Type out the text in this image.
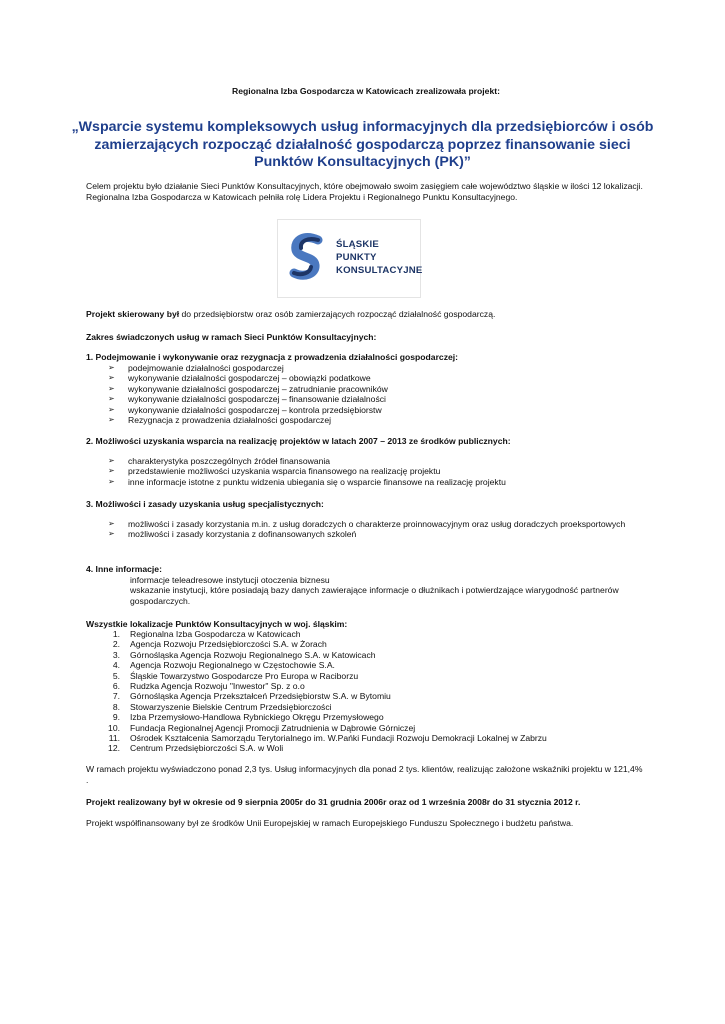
Regionalna Izba Gospodarcza w Katowicach zrealizowała projekt:

„Wsparcie systemu kompleksowych usług informacyjnych dla przedsiębiorców i osób zamierzających rozpocząć działalność gospodarczą poprzez finansowanie sieci Punktów Konsultacyjnych (PK)”

Celem projektu było działanie Sieci Punktów Konsultacyjnych, które obejmowało swoim zasięgiem całe województwo śląskie w ilości 12 lokalizacji. Regionalna Izba Gospodarcza w Katowicach pełniła rolę Lidera Projektu i Regionalnego Punktu Konsultacyjnego.

ŚLĄSKIE
PUNKTY
KONSULTACYJNE

Projekt skierowany był do przedsiębiorstw oraz osób zamierzających rozpocząć działalność gospodarczą.

Zakres świadczonych usług w ramach Sieci Punktów Konsultacyjnych:

1. Podejmowanie i wykonywanie oraz rezygnacja z prowadzenia działalności gospodarczej:

➢ podejmowanie działalności gospodarczej
➢ wykonywanie działalności gospodarczej – obowiązki podatkowe
➢ wykonywanie działalności gospodarczej – zatrudnianie pracowników
➢ wykonywanie działalności gospodarczej – finansowanie działalności
➢ wykonywanie działalności gospodarczej – kontrola przedsiębiorstw
➢ Rezygnacja z prowadzenia działalności gospodarczej

2. Możliwości uzyskania wsparcia na realizację projektów w latach 2007 – 2013 ze środków publicznych:

➢ charakterystyka poszczególnych źródeł finansowania
➢ przedstawienie możliwości uzyskania wsparcia finansowego na realizację projektu
➢ inne informacje istotne z punktu widzenia ubiegania się o wsparcie finansowe na realizację projektu

3. Możliwości i zasady uzyskania usług specjalistycznych:

➢ możliwości i zasady korzystania m.in. z usług doradczych o charakterze proinnowacyjnym oraz usług doradczych proeksportowych
➢ możliwości i zasady korzystania z dofinansowanych szkoleń

4. Inne informacje:

informacje teleadresowe instytucji otoczenia biznesu
wskazanie instytucji, które posiadają bazy danych zawierające informacje o dłużnikach i potwierdzające wiarygodność partnerów gospodarczych.

Wszystkie lokalizacje Punktów Konsultacyjnych w woj. śląskim:

1. Regionalna Izba Gospodarcza w Katowicach
2. Agencja Rozwoju Przedsiębiorczości S.A. w Żorach
3. Górnośląska Agencja Rozwoju Regionalnego S.A. w Katowicach
4. Agencja Rozwoju Regionalnego w Częstochowie S.A.
5. Śląskie Towarzystwo Gospodarcze Pro Europa w Raciborzu
6. Rudzka Agencja Rozwoju "Inwestor" Sp. z o.o
7. Górnośląska Agencja Przekształceń Przedsiębiorstw S.A. w Bytomiu
8. Stowarzyszenie Bielskie Centrum Przedsiębiorczości
9. Izba Przemysłowo-Handlowa Rybnickiego Okręgu Przemysłowego
10. Fundacja Regionalnej Agencji Promocji Zatrudnienia w Dąbrowie Górniczej
11. Ośrodek Kształcenia Samorządu Terytorialnego im. W.Pańki Fundacji Rozwoju Demokracji Lokalnej w Zabrzu
12. Centrum Przedsiębiorczości S.A. w Woli

W ramach projektu wyświadczono ponad 2,3 tys. Usług informacyjnych dla ponad 2 tys. klientów, realizując założone wskaźniki projektu w 121,4% .

Projekt realizowany był w okresie od 9 sierpnia 2005r do 31 grudnia 2006r oraz od 1 września 2008r do 31 stycznia 2012 r.

Projekt współfinansowany był ze środków Unii Europejskiej w ramach Europejskiego Funduszu Społecznego i budżetu państwa.
